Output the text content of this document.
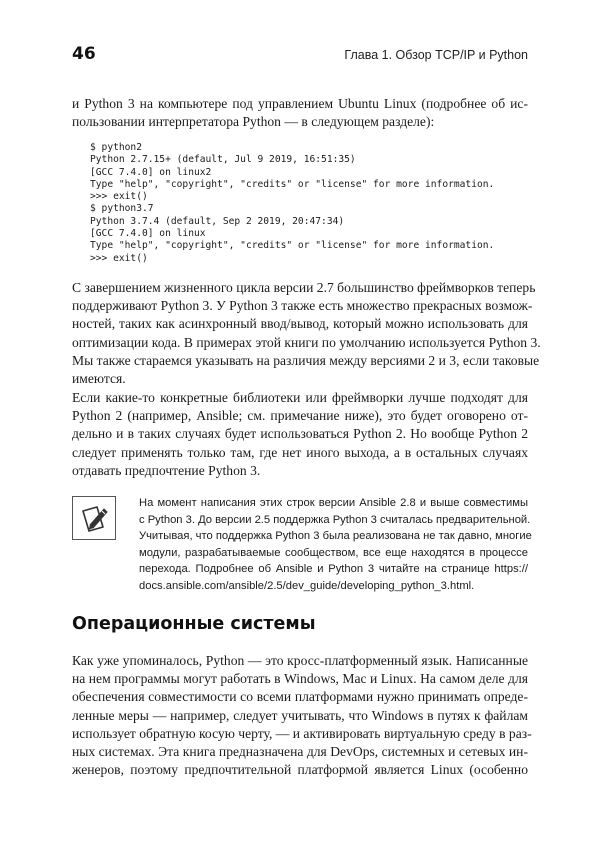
46	Глава 1. Обзор TCP/IP и Python

и Python 3 на компьютере под управлением Ubuntu Linux (подробнее об ис-
пользовании интерпретатора Python — в следующем разделе):

$ python2
Python 2.7.15+ (default, Jul 9 2019, 16:51:35)
[GCC 7.4.0] on linux2
Type "help", "copyright", "credits" or "license" for more information.
>>> exit()
$ python3.7
Python 3.7.4 (default, Sep 2 2019, 20:47:34)
[GCC 7.4.0] on linux
Type "help", "copyright", "credits" or "license" for more information.
>>> exit()

С завершением жизненного цикла версии 2.7 большинство фреймворков теперь
поддерживают Python 3. У Python 3 также есть множество прекрасных возмож-
ностей, таких как асинхронный ввод/вывод, который можно использовать для
оптимизации кода. В примерах этой книги по умолчанию используется Python 3.
Мы также стараемся указывать на различия между версиями 2 и 3, если таковые
имеются.

Если какие-то конкретные библиотеки или фреймворки лучше подходят для
Python 2 (например, Ansible; см. примечание ниже), это будет оговорено от-
дельно и в таких случаях будет использоваться Python 2. Но вообще Python 2
следует применять только там, где нет иного выхода, а в остальных случаях
отдавать предпочтение Python 3.

На момент написания этих строк версии Ansible 2.8 и выше совместимы
с Python 3. До версии 2.5 поддержка Python 3 считалась предварительной.
Учитывая, что поддержка Python 3 была реализована не так давно, многие
модули, разрабатываемые сообществом, все еще находятся в процессе
перехода. Подробнее об Ansible и Python 3 читайте на странице https://
docs.ansible.com/ansible/2.5/dev_guide/developing_python_3.html.
Операционные системы

Как уже упоминалось, Python — это кросс-платформенный язык. Написанные
на нем программы могут работать в Windows, Mac и Linux. На самом деле для
обеспечения совместимости со всеми платформами нужно принимать опреде-
ленные меры — например, следует учитывать, что Windows в путях к файлам
использует обратную косую черту, — и активировать виртуальную среду в раз-
ных системах. Эта книга предназначена для DevOps, системных и сетевых ин-
женеров, поэтому предпочтительной платформой является Linux (особенно
